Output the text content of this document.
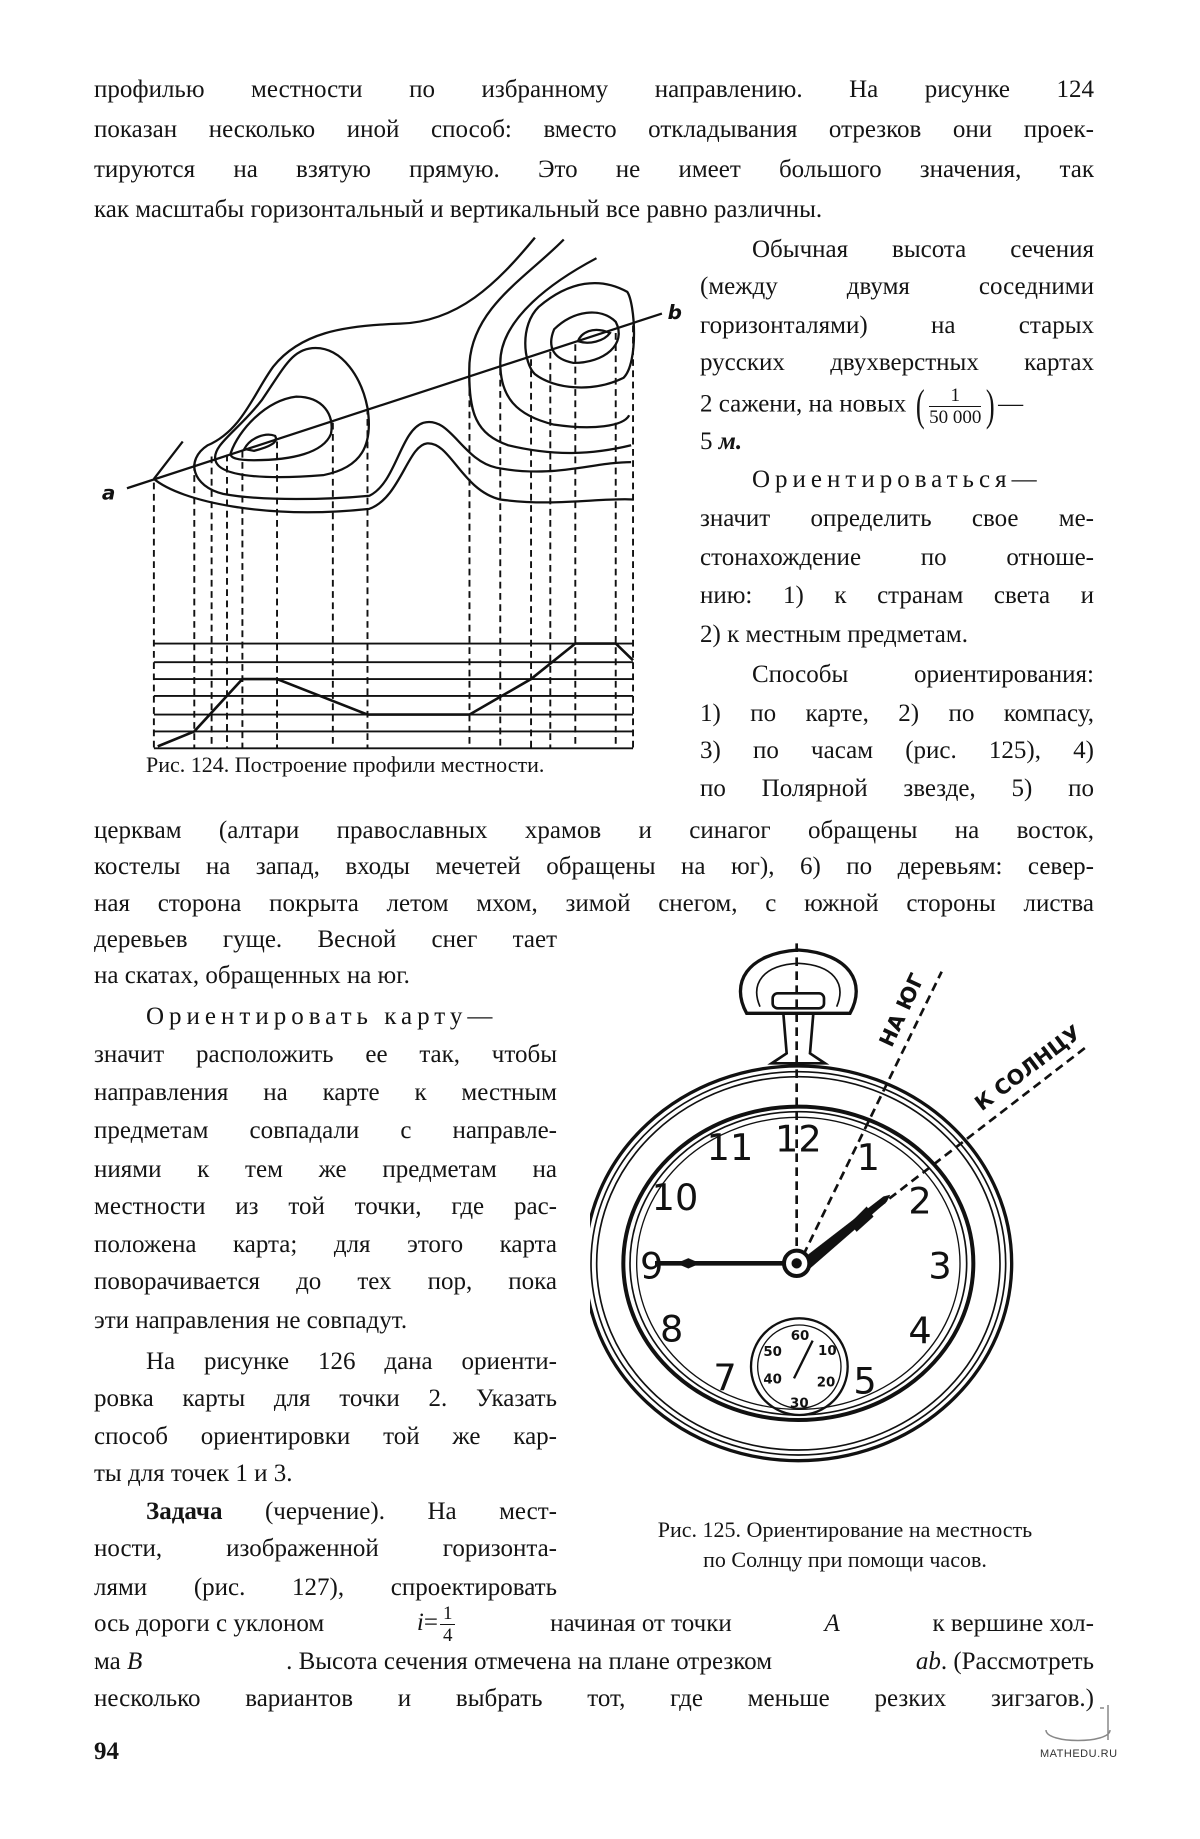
профилью местности по избранному направлению. На рисунке 124
показан несколько иной способ: вместо откладывания отрезков они проек-
тируются на взятую прямую. Это не имеет большого значения, так
как масштабы горизонтальный и вертикальный все равно различны.
Обычная высота сечения
(между двумя соседними
горизонталями) на старых
русских двухверстных картах
значит определить свое ме-
стонахождение по отноше-
нию: 1) к странам света и
2) к местным предметам.
Способы ориентирования:
1) по карте, 2) по компасу,
3) по часам (рис. 125), 4)
по Полярной звезде, 5) по
церквам (алтари православных храмов и синагог обращены на восток,
костелы на запад, входы мечетей обращены на юг), 6) по деревьям: север-
ная сторона покрыта летом мхом, зимой снегом, с южной стороны листва
деревьев гуще. Весной снег тает
на скатах, обращенных на юг.
значит расположить ее так, чтобы
направления на карте к местным
предметам совпадали с направле-
ниями к тем же предметам на
местности из той точки, где рас-
положена карта; для этого карта
поворачивается до тех пор, пока
эти направления не совпадут.
На рисунке 126 дана ориенти-
ровка карты для точки 2. Указать
способ ориентировки той же кар-
ты для точек 1 и 3.
ности, изображенной горизонта-
лями (рис. 127), спроектировать
несколько вариантов и выбрать тот, где меньше резких зигзагов.)
2 сажени, на новых (	1
50 000 ) —
5 м.
Ориентироваться—
Ориентировать карту—
Задача (черчение). На мест-
ось дороги с уклоном	i= 1
4	начиная от точки	A	к вершине хол-
ма B	. Высота сечения отмечена на плане отрезком	ab. (Рассмотреть
a
b
Рис. 124. Построение профили местности.
НА ЮГ
К СОЛНЦУ
12 1
2
3
4
5
7
8
9
10
11
60
10
20
30
40
50
Рис. 125. Ориентирование на местность
по Солнцу при помощи часов.
94	MATHEDU.RU
